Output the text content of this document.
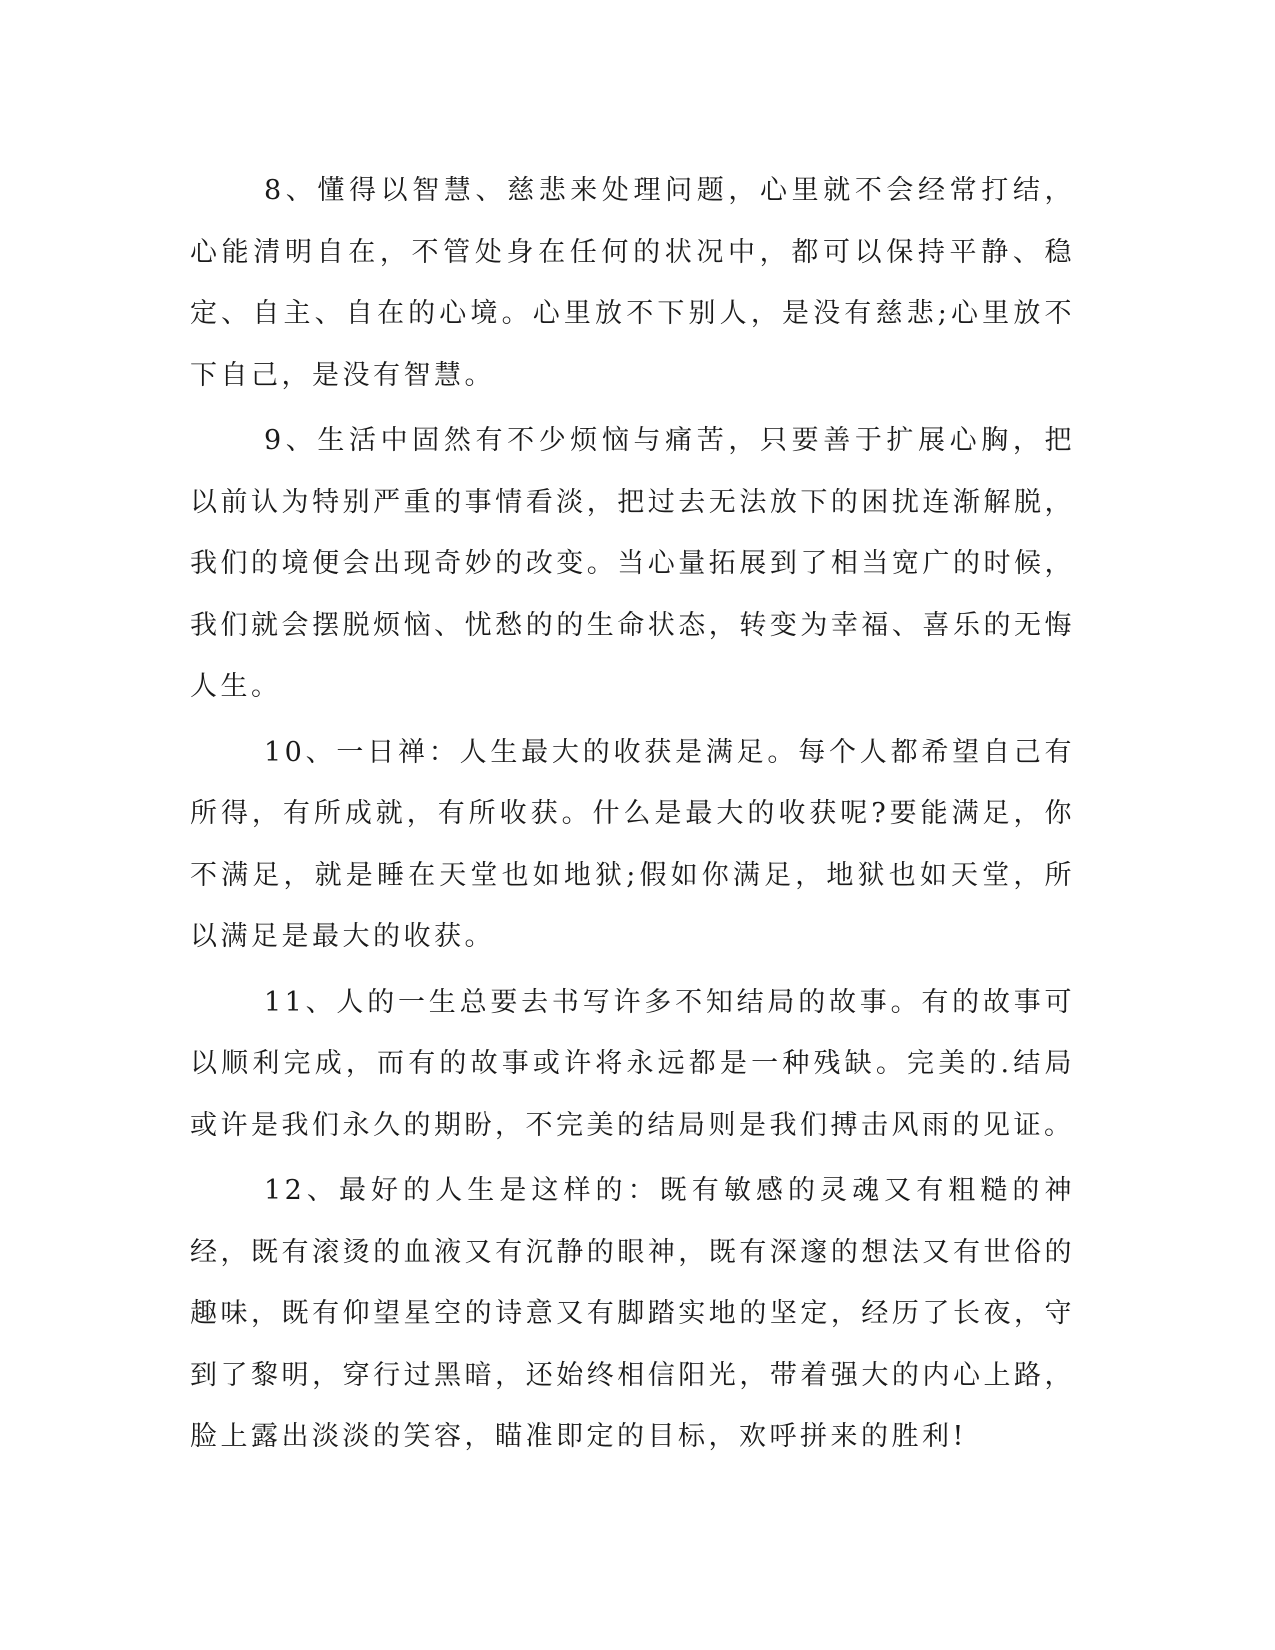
8、懂得以智慧、慈悲来处理问题，心里就不会经常打结，心能清明自在，不管处身在任何的状况中，都可以保持平静、稳定、自主、自在的心境。心里放不下别人，是没有慈悲;心里放不下自己，是没有智慧。

9、生活中固然有不少烦恼与痛苦，只要善于扩展心胸，把以前认为特别严重的事情看淡，把过去无法放下的困扰连渐解脱，我们的境便会出现奇妙的改变。当心量拓展到了相当宽广的时候，我们就会摆脱烦恼、忧愁的的生命状态，转变为幸福、喜乐的无悔人生。

10、一日禅：人生最大的收获是满足。每个人都希望自己有所得，有所成就，有所收获。什么是最大的收获呢?要能满足，你不满足，就是睡在天堂也如地狱;假如你满足，地狱也如天堂，所以满足是最大的收获。

11、人的一生总要去书写许多不知结局的故事。有的故事可以顺利完成，而有的故事或许将永远都是一种残缺。完美的.结局或许是我们永久的期盼，不完美的结局则是我们搏击风雨的见证。

12、最好的人生是这样的：既有敏感的灵魂又有粗糙的神经，既有滚烫的血液又有沉静的眼神，既有深邃的想法又有世俗的趣味，既有仰望星空的诗意又有脚踏实地的坚定，经历了长夜，守到了黎明，穿行过黑暗，还始终相信阳光，带着强大的内心上路，脸上露出淡淡的笑容，瞄准即定的目标，欢呼拼来的胜利!
